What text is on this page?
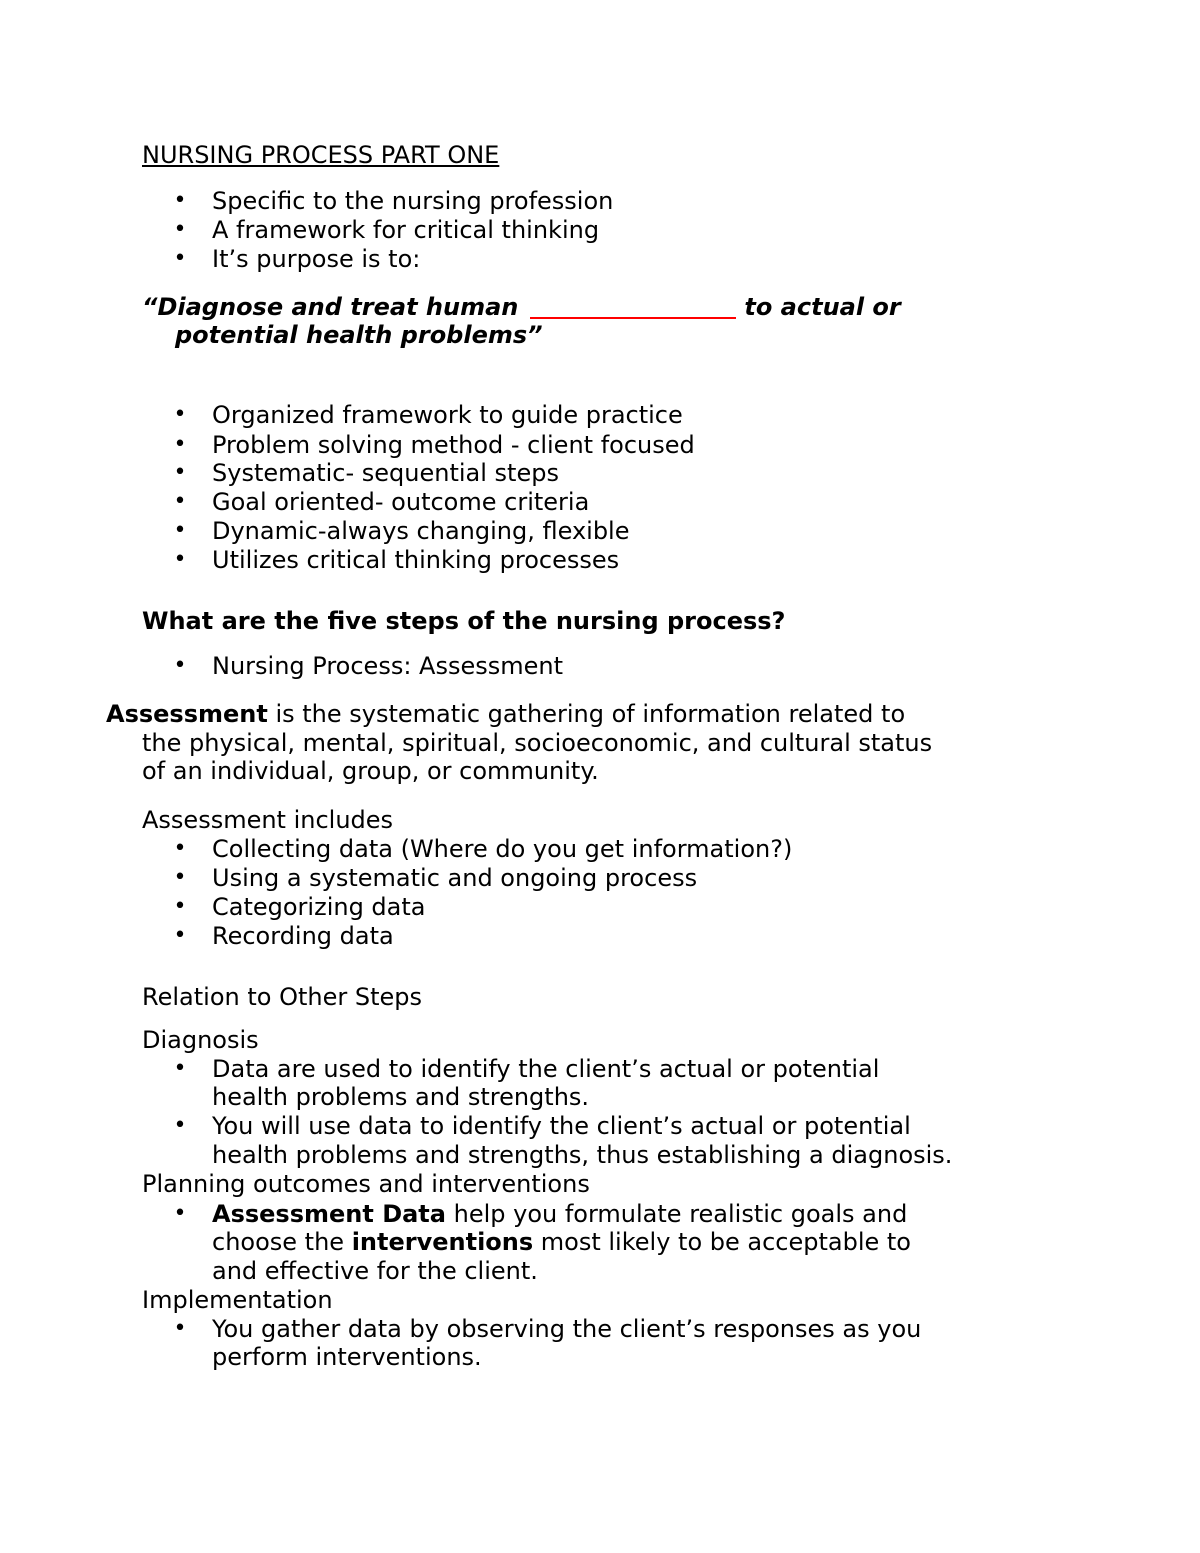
NURSING PROCESS PART ONE
• Specific to the nursing profession
• A framework for critical thinking
• It’s purpose is to:
“Diagnose and treat human	to actual or
potential health problems”
• Organized framework to guide practice
• Problem solving method - client focused
• Systematic- sequential steps
• Goal oriented- outcome criteria
• Dynamic-always changing, flexible
• Utilizes critical thinking processes
What are the five steps of the nursing process?
• Nursing Process: Assessment
Assessment is the systematic gathering of information related to
the physical, mental, spiritual, socioeconomic, and cultural status
of an individual, group, or community.
Assessment includes
• Collecting data (Where do you get information?)
• Using a systematic and ongoing process
• Categorizing data
• Recording data
Relation to Other Steps
Diagnosis
• Data are used to identify the client’s actual or potential
health problems and strengths.
• You will use data to identify the client’s actual or potential
health problems and strengths, thus establishing a diagnosis.
Planning outcomes and interventions
• Assessment Data help you formulate realistic goals and
choose the interventions most likely to be acceptable to
and effective for the client.
Implementation
• You gather data by observing the client’s responses as you
perform interventions.
